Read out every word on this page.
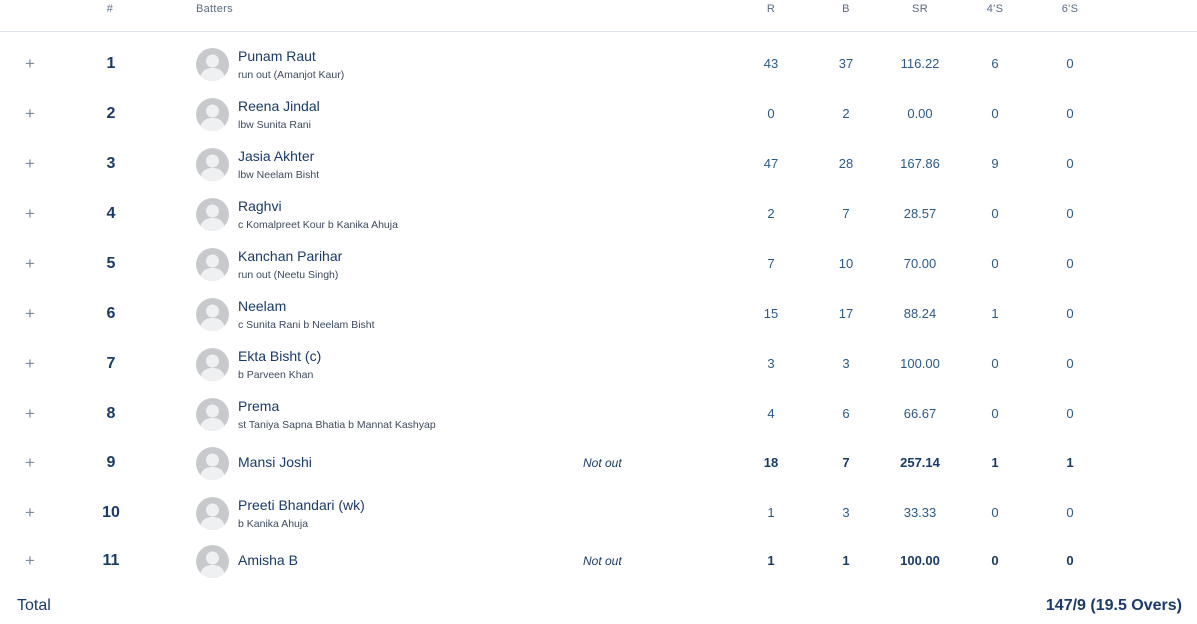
#	Batters	R	B	SR	4'S	6'S
+	1	Punam Raut
run out (Amanjot Kaur)
43	37	116.22	6	0
+	2	Reena Jindal
lbw Sunita Rani
0	2	0.00	0	0
+	3	Jasia Akhter
lbw Neelam Bisht
47	28	167.86	9	0
+	4	Raghvi
c Komalpreet Kour b Kanika Ahuja
2	7	28.57	0	0
+	5	Kanchan Parihar
run out (Neetu Singh)
7	10	70.00	0	0
+	6	Neelam
c Sunita Rani b Neelam Bisht
15	17	88.24	1	0
+	7	Ekta Bisht (c)
b Parveen Khan
3	3	100.00	0	0
+	8	Prema
st Taniya Sapna Bhatia b Mannat Kashyap
4	6	66.67	0	0
+	9	Mansi Joshi	Not out	18	7	257.14	1	1
+	10	Preeti Bhandari (wk)
b Kanika Ahuja
1	3	33.33	0	0
+	11	Amisha B	Not out	1	1	100.00	0	0
Total	147/9 (19.5 Overs)
